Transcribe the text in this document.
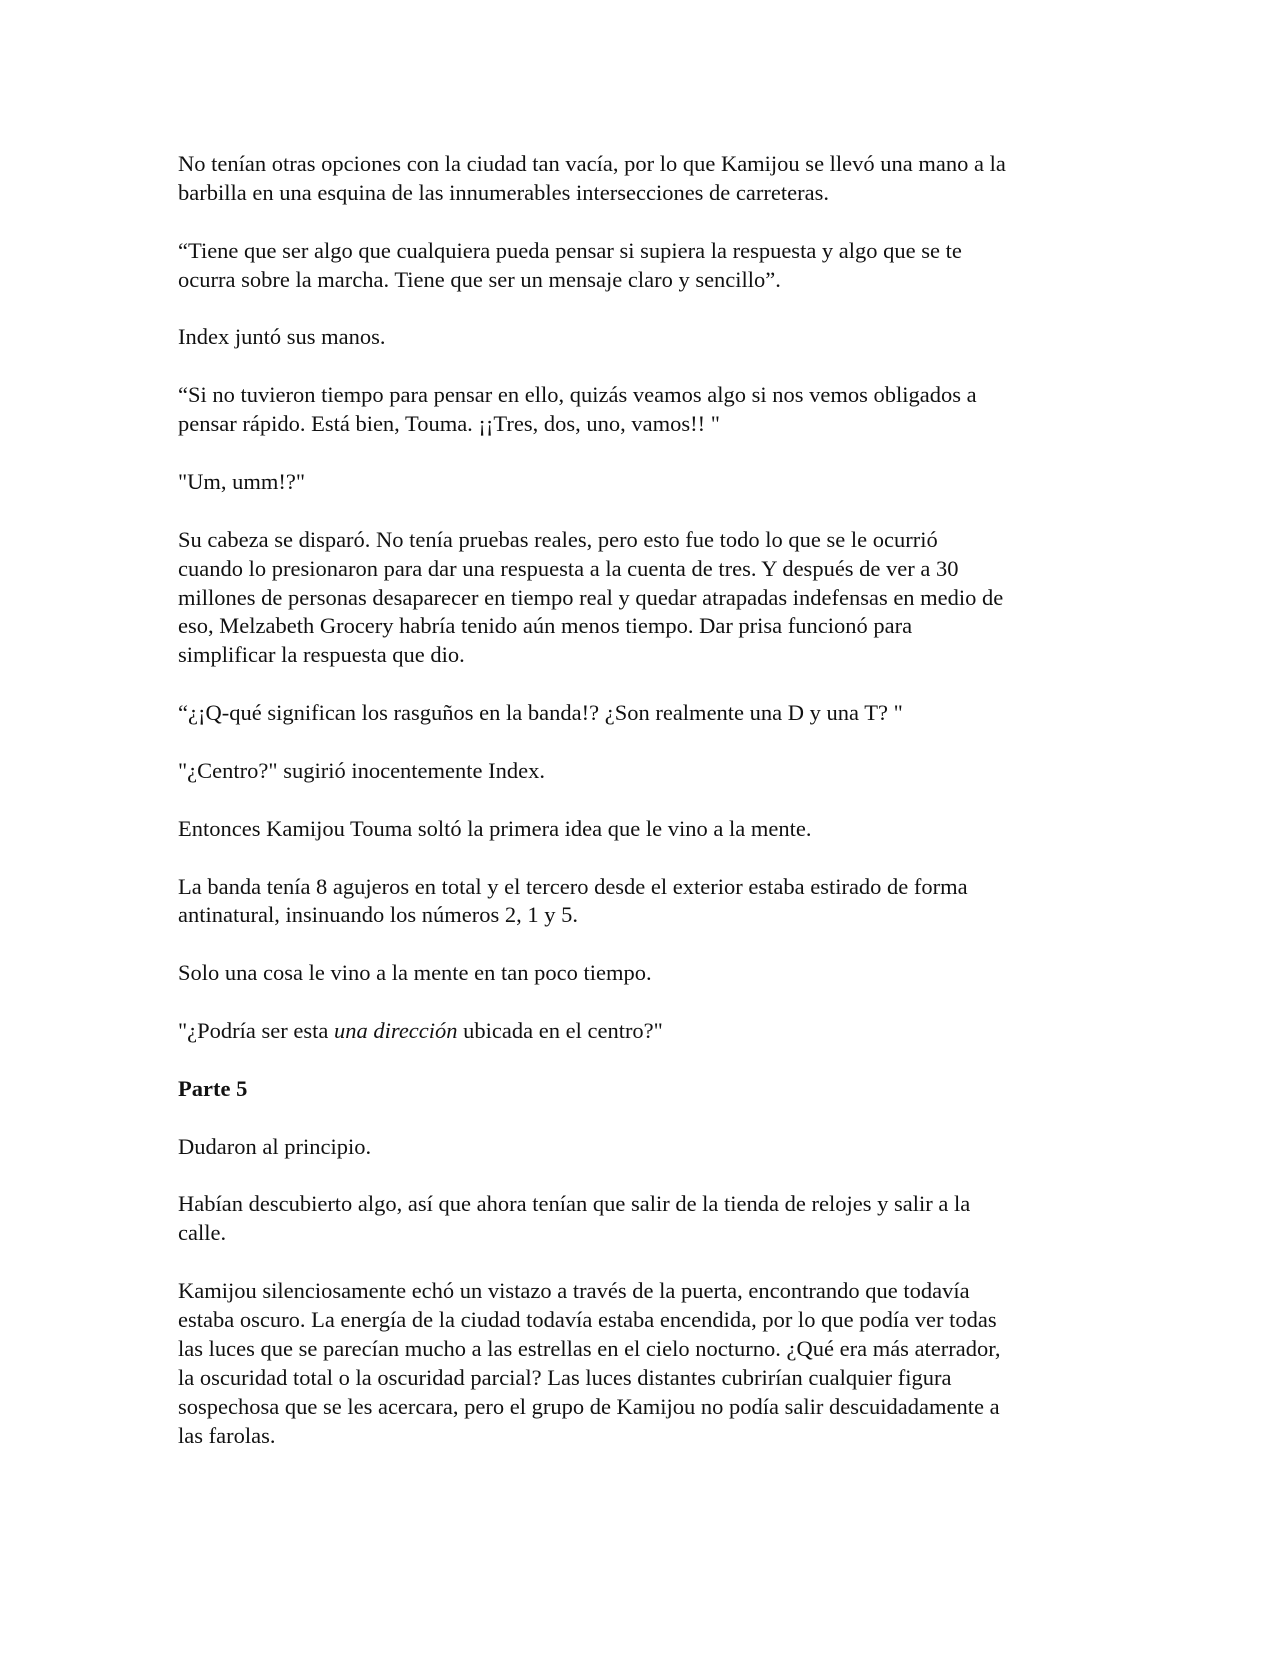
No tenían otras opciones con la ciudad tan vacía, por lo que Kamijou se llevó una mano a la
barbilla en una esquina de las innumerables intersecciones de carreteras.

“Tiene que ser algo que cualquiera pueda pensar si supiera la respuesta y algo que se te
ocurra sobre la marcha. Tiene que ser un mensaje claro y sencillo”.

Index juntó sus manos.

“Si no tuvieron tiempo para pensar en ello, quizás veamos algo si nos vemos obligados a
pensar rápido. Está bien, Touma. ¡¡Tres, dos, uno, vamos!! "

"Um, umm!?"

Su cabeza se disparó. No tenía pruebas reales, pero esto fue todo lo que se le ocurrió
cuando lo presionaron para dar una respuesta a la cuenta de tres. Y después de ver a 30
millones de personas desaparecer en tiempo real y quedar atrapadas indefensas en medio de
eso, Melzabeth Grocery habría tenido aún menos tiempo. Dar prisa funcionó para
simplificar la respuesta que dio.

“¿¡Q-qué significan los rasguños en la banda!? ¿Son realmente una D y una T? "

"¿Centro?" sugirió inocentemente Index.

Entonces Kamijou Touma soltó la primera idea que le vino a la mente.

La banda tenía 8 agujeros en total y el tercero desde el exterior estaba estirado de forma
antinatural, insinuando los números 2, 1 y 5.

Solo una cosa le vino a la mente en tan poco tiempo.

"¿Podría ser esta una dirección ubicada en el centro?"

Parte 5

Dudaron al principio.

Habían descubierto algo, así que ahora tenían que salir de la tienda de relojes y salir a la
calle.

Kamijou silenciosamente echó un vistazo a través de la puerta, encontrando que todavía
estaba oscuro. La energía de la ciudad todavía estaba encendida, por lo que podía ver todas
las luces que se parecían mucho a las estrellas en el cielo nocturno. ¿Qué era más aterrador,
la oscuridad total o la oscuridad parcial? Las luces distantes cubrirían cualquier figura
sospechosa que se les acercara, pero el grupo de Kamijou no podía salir descuidadamente a
las farolas.
